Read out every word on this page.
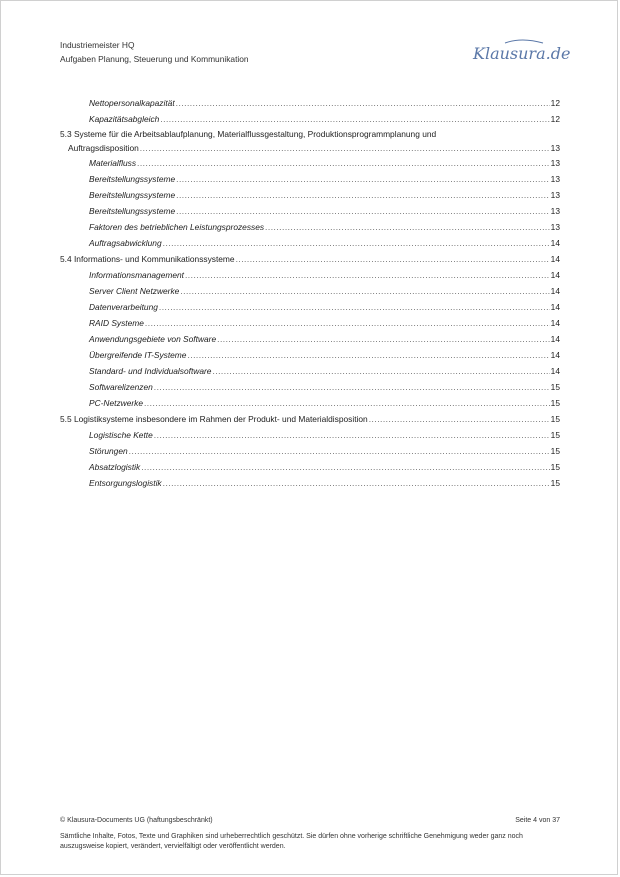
Industriemeister HQ
Aufgaben Planung, Steuerung und Kommunikation	Klausura.de
Nettopersonalkapazität .....	12
Kapazitätsabgleich .....	12
5.3 Systeme für die Arbeitsablaufplanung, Materialflussgestaltung, Produktionsprogrammplanung und
Auftragsdisposition .....	13
Materialfluss .....	13
Bereitstellungssysteme .....	13
Bereitstellungssysteme .....	13
Bereitstellungssysteme .....	13
Faktoren des betrieblichen Leistungsprozesses .....	13
Auftragsabwicklung .....	14
5.4 Informations- und Kommunikationssysteme .....	14
Informationsmanagement .....	14
Server Client Netzwerke .....	14
Datenverarbeitung .....	14
RAID Systeme .....	14
Anwendungsgebiete von Software .....	14
Übergreifende IT-Systeme .....	14
Standard- und Individualsoftware .....	14
Softwarelizenzen .....	15
PC-Netzwerke .....	15
5.5 Logistiksysteme insbesondere im Rahmen der Produkt- und Materialdisposition .....	15
Logistische Kette .....	15
Störungen .....	15
Absatzlogistik .....	15
Entsorgungslogistik .....	15
© Klausura-Documents UG (haftungsbeschränkt)	Seite 4 von 37
Sämtliche Inhalte, Fotos, Texte und Graphiken sind urheberrechtlich geschützt. Sie dürfen ohne vorherige schriftliche Genehmigung weder ganz noch auszugsweise kopiert, verändert, vervielfältigt oder veröffentlicht werden.
